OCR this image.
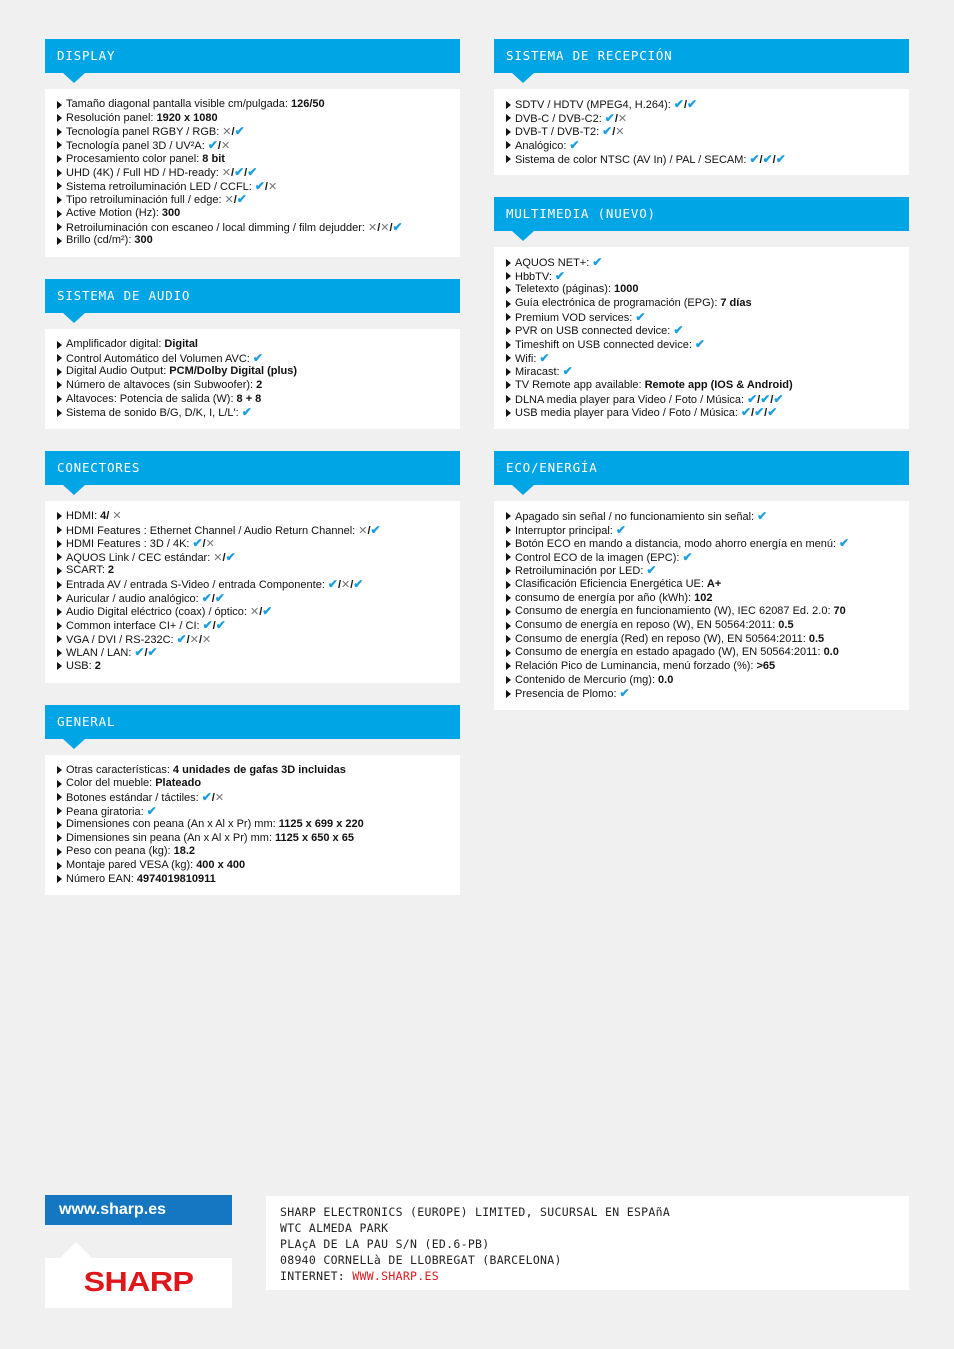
DISPLAY
Tamaño diagonal pantalla visible cm/pulgada: 126/50
Resolución panel: 1920 x 1080
Tecnología panel RGBY / RGB: ✕/✔
Tecnología panel 3D / UV²A: ✔/✕
Procesamiento color panel: 8 bit
UHD (4K) / Full HD / HD-ready: ✕/✔/✔
Sistema retroiluminación LED / CCFL: ✔/✕
Tipo retroiluminación full / edge: ✕/✔
Active Motion (Hz): 300
Retroiluminación con escaneo / local dimming / film dejudder: ✕/✕/✔
Brillo (cd/m²): 300
SISTEMA DE AUDIO
Amplificador digital: Digital
Control Automático del Volumen AVC: ✔
Digital Audio Output: PCM/Dolby Digital (plus)
Número de altavoces (sin Subwoofer): 2
Altavoces: Potencia de salida (W): 8 + 8
Sistema de sonido B/G, D/K, I, L/L': ✔
CONECTORES
HDMI: 4/ ✕
HDMI Features : Ethernet Channel / Audio Return Channel: ✕/✔
HDMI Features : 3D / 4K: ✔/✕
AQUOS Link / CEC estándar: ✕/✔
SCART: 2
Entrada AV / entrada S-Video / entrada Componente: ✔/✕/✔
Auricular / audio analógico: ✔/✔
Audio Digital eléctrico (coax) / óptico: ✕/✔
Common interface CI+ / CI: ✔/✔
VGA / DVI / RS-232C: ✔/✕/✕
WLAN / LAN: ✔/✔
USB: 2
GENERAL
Otras características: 4 unidades de gafas 3D incluidas
Color del mueble: Plateado
Botones estándar / táctiles: ✔/✕
Peana giratoria: ✔
Dimensiones con peana (An x Al x Pr) mm: 1125 x 699 x 220
Dimensiones sin peana (An x Al x Pr) mm: 1125 x 650 x 65
Peso con peana (kg): 18.2
Montaje pared VESA (kg): 400 x 400
Número EAN: 4974019810911
SISTEMA DE RECEPCIÓN
SDTV / HDTV (MPEG4, H.264): ✔/✔
DVB-C / DVB-C2: ✔/✕
DVB-T / DVB-T2: ✔/✕
Analógico: ✔
Sistema de color NTSC (AV In) / PAL / SECAM: ✔/✔/✔
MULTIMEDIA (NUEVO)
AQUOS NET+: ✔
HbbTV: ✔
Teletexto (páginas): 1000
Guía electrónica de programación (EPG): 7 días
Premium VOD services: ✔
PVR on USB connected device: ✔
Timeshift on USB connected device: ✔
Wifi: ✔
Miracast: ✔
TV Remote app available: Remote app (IOS & Android)
DLNA media player para Video / Foto / Música: ✔/✔/✔
USB media player para Video / Foto / Música: ✔/✔/✔
ECO/ENERGÍA
Apagado sin señal / no funcionamiento sin señal: ✔
Interruptor principal: ✔
Botón ECO en mando a distancia, modo ahorro energía en menú: ✔
Control ECO de la imagen (EPC): ✔
Retroiluminación por LED: ✔
Clasificación Eficiencia Energética UE: A+
consumo de energía por año (kWh): 102
Consumo de energía en funcionamiento (W), IEC 62087 Ed. 2.0: 70
Consumo de energía en reposo (W), EN 50564:2011: 0.5
Consumo de energía (Red) en reposo (W), EN 50564:2011: 0.5
Consumo de energía en estado apagado (W), EN 50564:2011: 0.0
Relación Pico de Luminancia, menú forzado (%): >65
Contenido de Mercurio (mg): 0.0
Presencia de Plomo: ✔
www.sharp.es
SHARP
SHARP ELECTRONICS (EUROPE) LIMITED, SUCURSAL EN ESPAñA
WTC ALMEDA PARK
PLAçA DE LA PAU S/N (ED.6-PB)
08940 CORNELLà DE LLOBREGAT (BARCELONA)
INTERNET: WWW.SHARP.ES
